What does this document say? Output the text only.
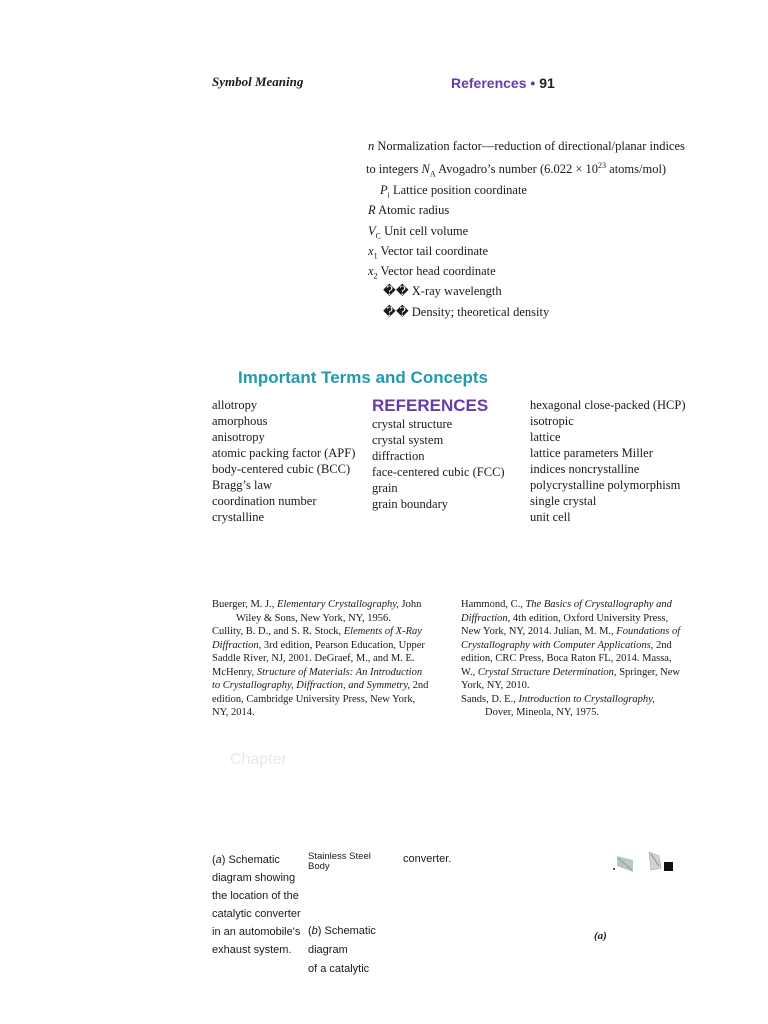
Symbol Meaning	References • 91
n Normalization factor—reduction of directional/planar indices
to integers $N_A$ Avogadro’s number ($6.022 \times 10^{23}$ atoms/mol)
$P_i$ Lattice position coordinate
R Atomic radius
$V_C$ Unit cell volume
$x_1$ Vector tail coordinate
$x_2$ Vector head coordinate
�� X-ray wavelength
�� Density; theoretical density
Important Terms and Concepts
REFERENCES
allotropy
amorphous
anisotropy
atomic packing factor (APF)
body-centered cubic (BCC)
Bragg’s law
coordination number
crystalline
crystal structure
crystal system
diffraction
face-centered cubic (FCC)
grain
grain boundary
hexagonal close-packed (HCP)
isotropic
lattice
lattice parameters Miller
indices noncrystalline
polycrystalline polymorphism
single crystal
unit cell
Buerger, M. J., Elementary Crystallography, John
Wiley & Sons, New York, NY, 1956.
Cullity, B. D., and S. R. Stock, Elements of X-Ray
Diffraction, 3rd edition, Pearson Education, Upper
Saddle River, NJ, 2001. DeGraef, M., and M. E.
McHenry, Structure of Materials: An Introduction
to Crystallography, Diffraction, and Symmetry, 2nd
edition, Cambridge University Press, New York,
NY, 2014.
Hammond, C., The Basics of Crystallography and
Diffraction, 4th edition, Oxford University Press,
New York, NY, 2014. Julian, M. M., Foundations of
Crystallography with Computer Applications, 2nd
edition, CRC Press, Boca Raton FL, 2014. Massa,
W., Crystal Structure Determination, Springer, New
York, NY, 2010.
Sands, D. E., Introduction to Crystallography,
Dover, Mineola, NY, 1975.
Chapter
(a) Schematic
diagram showing
the location of the
catalytic converter
in an automobile's
exhaust system.
Stainless Steel Body
converter.
(b) Schematic
diagram
of a catalytic
(a)
